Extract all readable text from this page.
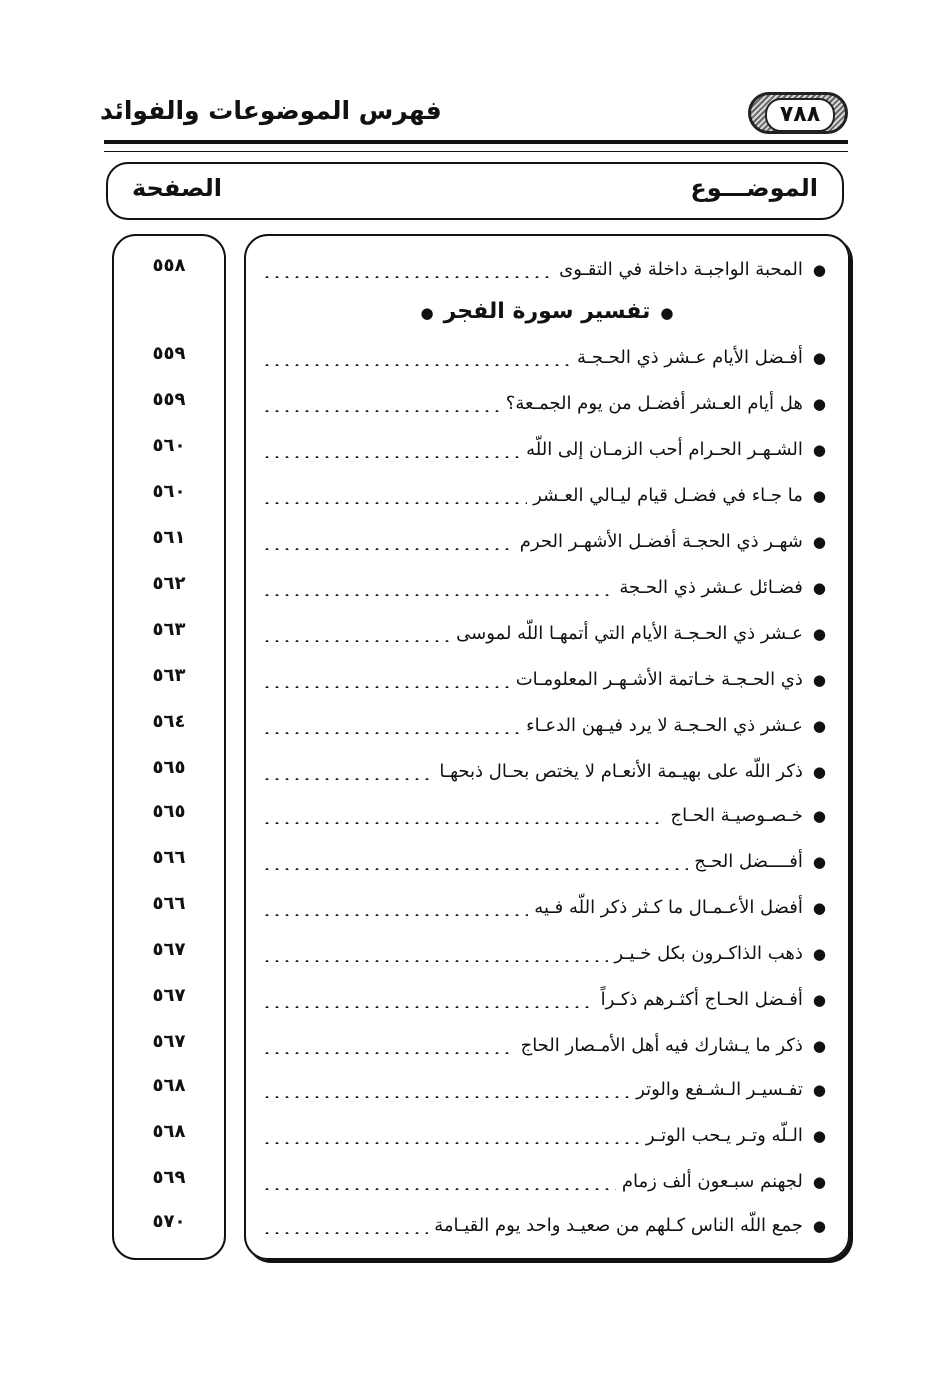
٧٨٨
فهرس الموضوعات والفوائد
الموضـــوع
الصفحة
●تفسير سورة الفجر●
●
المحبة الواجبـة داخلة في التقـوى
●
أفـضل الأيام عـشر ذي الحـجـة
●
هل أيام العـشر أفضـل من يوم الجمـعة؟
●
الشـهـر الحـرام أحب الزمـان إلى اللّه
●
ما جـاء في فضـل قيام ليـالي العـشر
●
شهـر ذي الحجـة أفضـل الأشهـر الحرم
●
فضـائل عـشر ذي الحـجة
●
عـشر ذي الحـجـة الأيام التي أتمهـا اللّه لموسى
●
ذي الحـجـة خـاتمة الأشـهـر المعلومـات
●
عـشر ذي الحـجـة لا يرد فيـهن الدعـاء
●
ذكر اللّه على بهيـمة الأنعـام لا يختص بحـال ذبحهـا
●
خـصـوصيـة الحـاج
●
أفــــضل الحـج
●
أفضل الأعـمـال ما كـثر ذكر اللّه فـيه
●
ذهب الذاكـرون بكل خـيـر
●
أفـضل الحـاج أكثـرهم ذكـراً
●
ذكر ما يـشارك فيه أهل الأمـصار الحاج
●
تفـسيـر الـشـفع والوتر
●
الـلّه وتـر يـحب الوتـر
●
لجهنم سبـعون ألف زمام
●
جمع اللّه الناس كـلهم من صعيـد واحد يوم القيـامة
٥٥٨
٥٥٩
٥٥٩
٥٦٠
٥٦٠
٥٦١
٥٦٢
٥٦٣
٥٦٣
٥٦٤
٥٦٥
٥٦٥
٥٦٦
٥٦٦
٥٦٧
٥٦٧
٥٦٧
٥٦٨
٥٦٨
٥٦٩
٥٧٠
